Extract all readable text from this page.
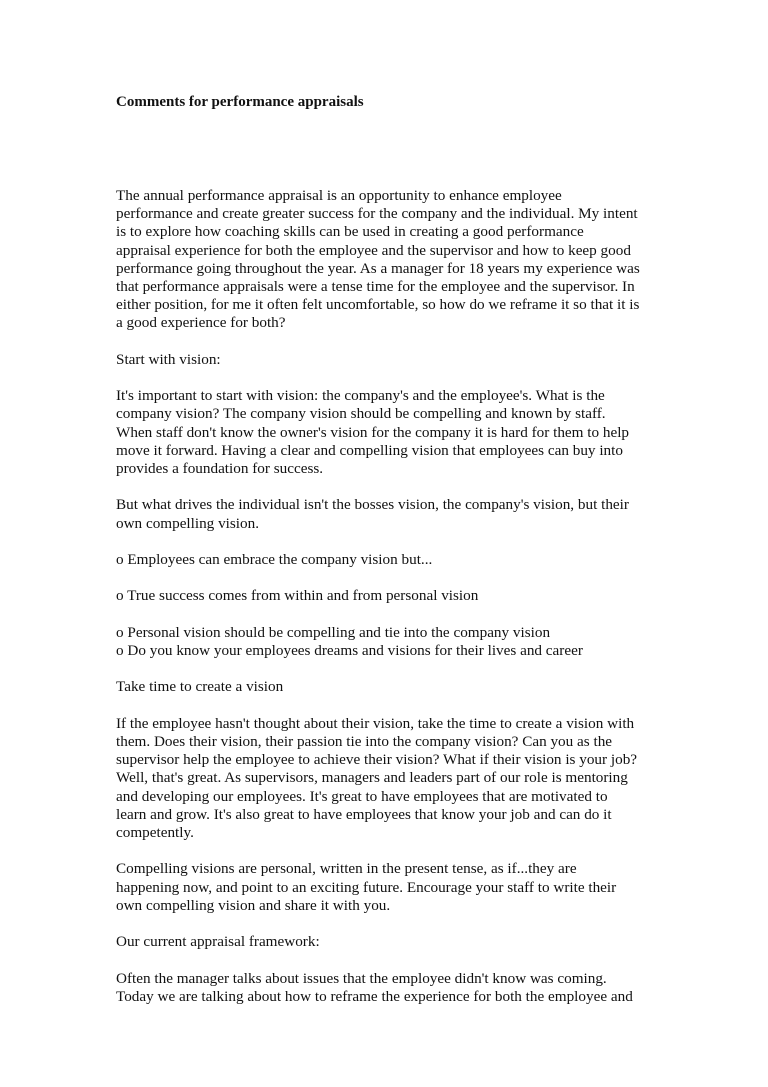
Comments for performance appraisals
The annual performance appraisal is an opportunity to enhance employee
performance and create greater success for the company and the individual. My intent
is to explore how coaching skills can be used in creating a good performance
appraisal experience for both the employee and the supervisor and how to keep good
performance going throughout the year. As a manager for 18 years my experience was
that performance appraisals were a tense time for the employee and the supervisor. In
either position, for me it often felt uncomfortable, so how do we reframe it so that it is
a good experience for both?
Start with vision:
It's important to start with vision: the company's and the employee's. What is the
company vision? The company vision should be compelling and known by staff.
When staff don't know the owner's vision for the company it is hard for them to help
move it forward. Having a clear and compelling vision that employees can buy into
provides a foundation for success.
But what drives the individual isn't the bosses vision, the company's vision, but their
own compelling vision.
o Employees can embrace the company vision but...
o True success comes from within and from personal vision
o Personal vision should be compelling and tie into the company vision
o Do you know your employees dreams and visions for their lives and career
Take time to create a vision
If the employee hasn't thought about their vision, take the time to create a vision with
them. Does their vision, their passion tie into the company vision? Can you as the
supervisor help the employee to achieve their vision? What if their vision is your job?
Well, that's great. As supervisors, managers and leaders part of our role is mentoring
and developing our employees. It's great to have employees that are motivated to
learn and grow. It's also great to have employees that know your job and can do it
competently.
Compelling visions are personal, written in the present tense, as if...they are
happening now, and point to an exciting future. Encourage your staff to write their
own compelling vision and share it with you.
Our current appraisal framework:
Often the manager talks about issues that the employee didn't know was coming.
Today we are talking about how to reframe the experience for both the employee and
